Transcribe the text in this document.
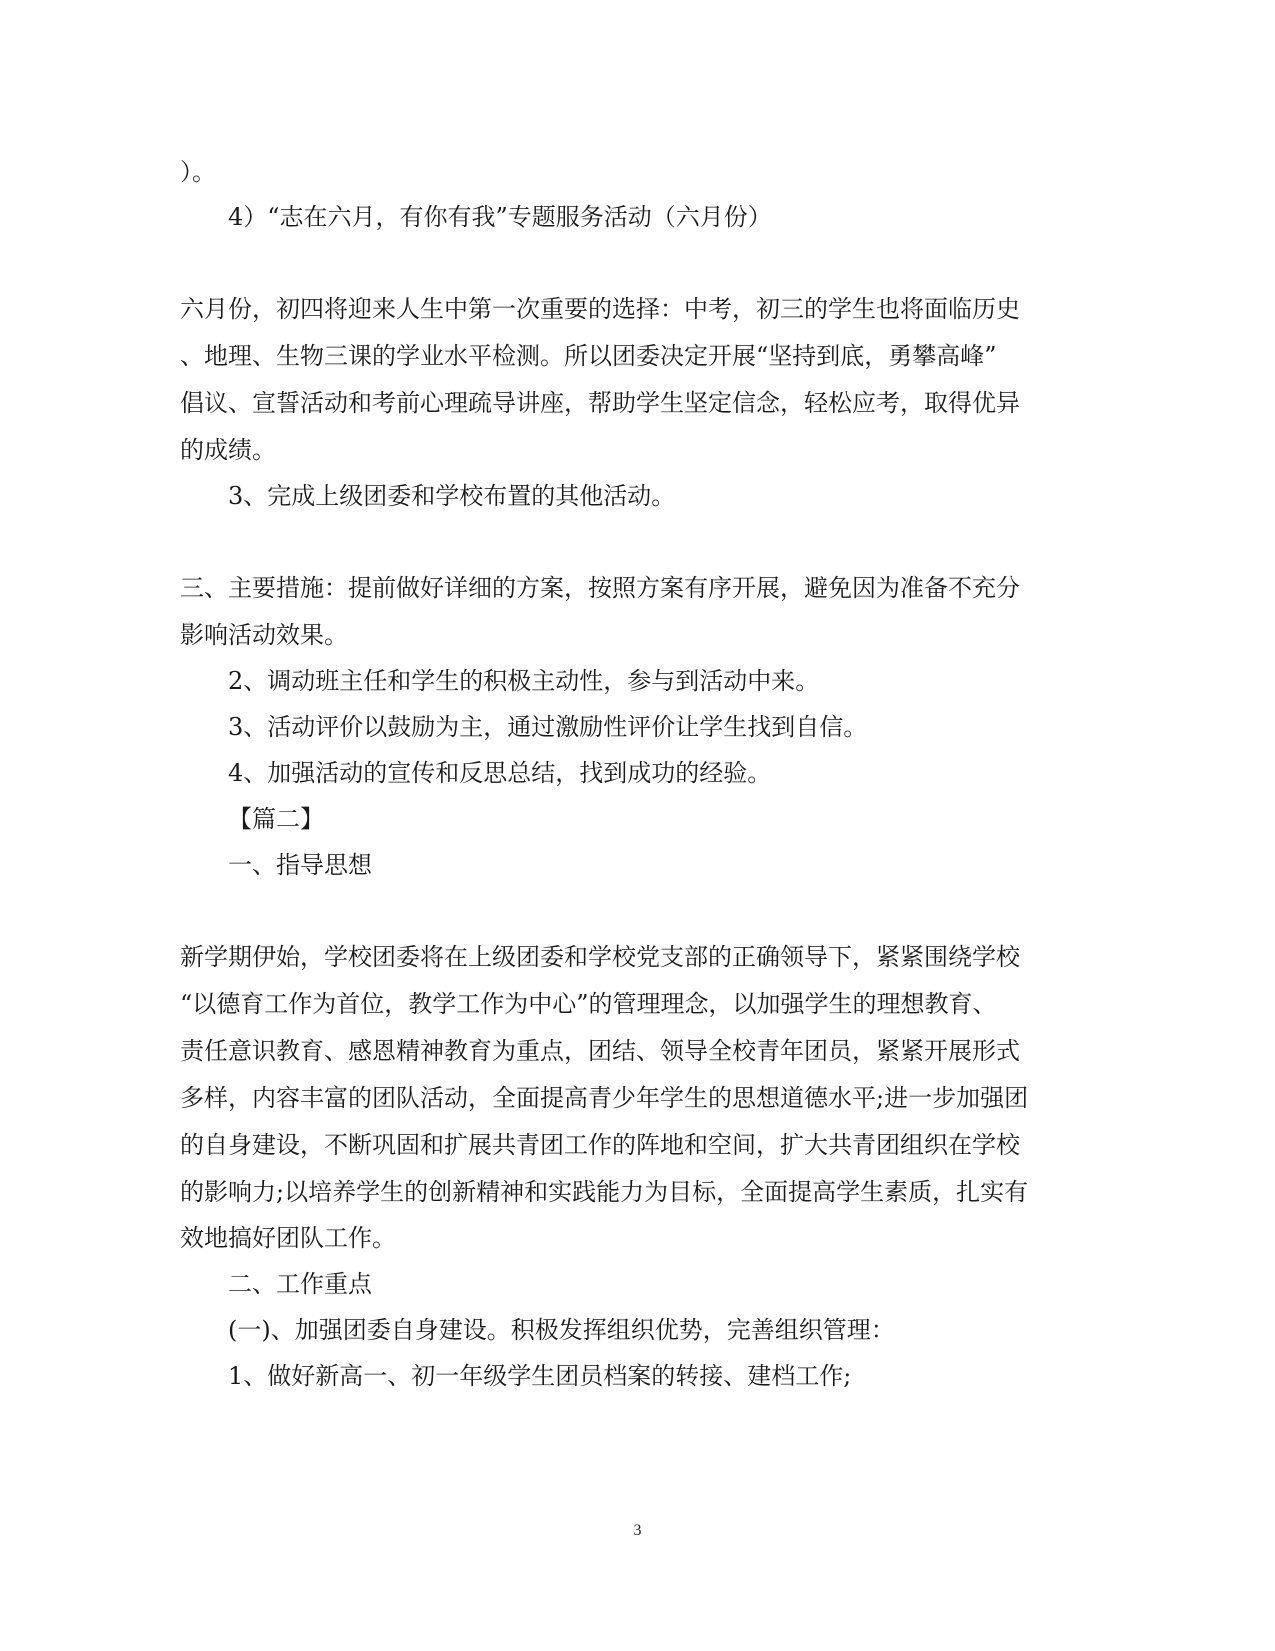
）。
4）“志在六月，有你有我”专题服务活动（六月份）
六月份，初四将迎来人生中第一次重要的选择：中考，初三的学生也将面临历史
、地理、生物三课的学业水平检测。所以团委决定开展“坚持到底，勇攀高峰”
倡议、宣誓活动和考前心理疏导讲座，帮助学生坚定信念，轻松应考，取得优异
的成绩。
3、完成上级团委和学校布置的其他活动。
三、主要措施：提前做好详细的方案，按照方案有序开展，避免因为准备不充分
影响活动效果。
2、调动班主任和学生的积极主动性，参与到活动中来。
3、活动评价以鼓励为主，通过激励性评价让学生找到自信。
4、加强活动的宣传和反思总结，找到成功的经验。
【篇二】
一、指导思想
新学期伊始，学校团委将在上级团委和学校党支部的正确领导下，紧紧围绕学校
“以德育工作为首位，教学工作为中心”的管理理念，以加强学生的理想教育、
责任意识教育、感恩精神教育为重点，团结、领导全校青年团员，紧紧开展形式
多样，内容丰富的团队活动，全面提高青少年学生的思想道德水平;进一步加强团
的自身建设，不断巩固和扩展共青团工作的阵地和空间，扩大共青团组织在学校
的影响力;以培养学生的创新精神和实践能力为目标，全面提高学生素质，扎实有
效地搞好团队工作。
二、工作重点
(一)、加强团委自身建设。积极发挥组织优势，完善组织管理：
1、做好新高一、初一年级学生团员档案的转接、建档工作;
3
